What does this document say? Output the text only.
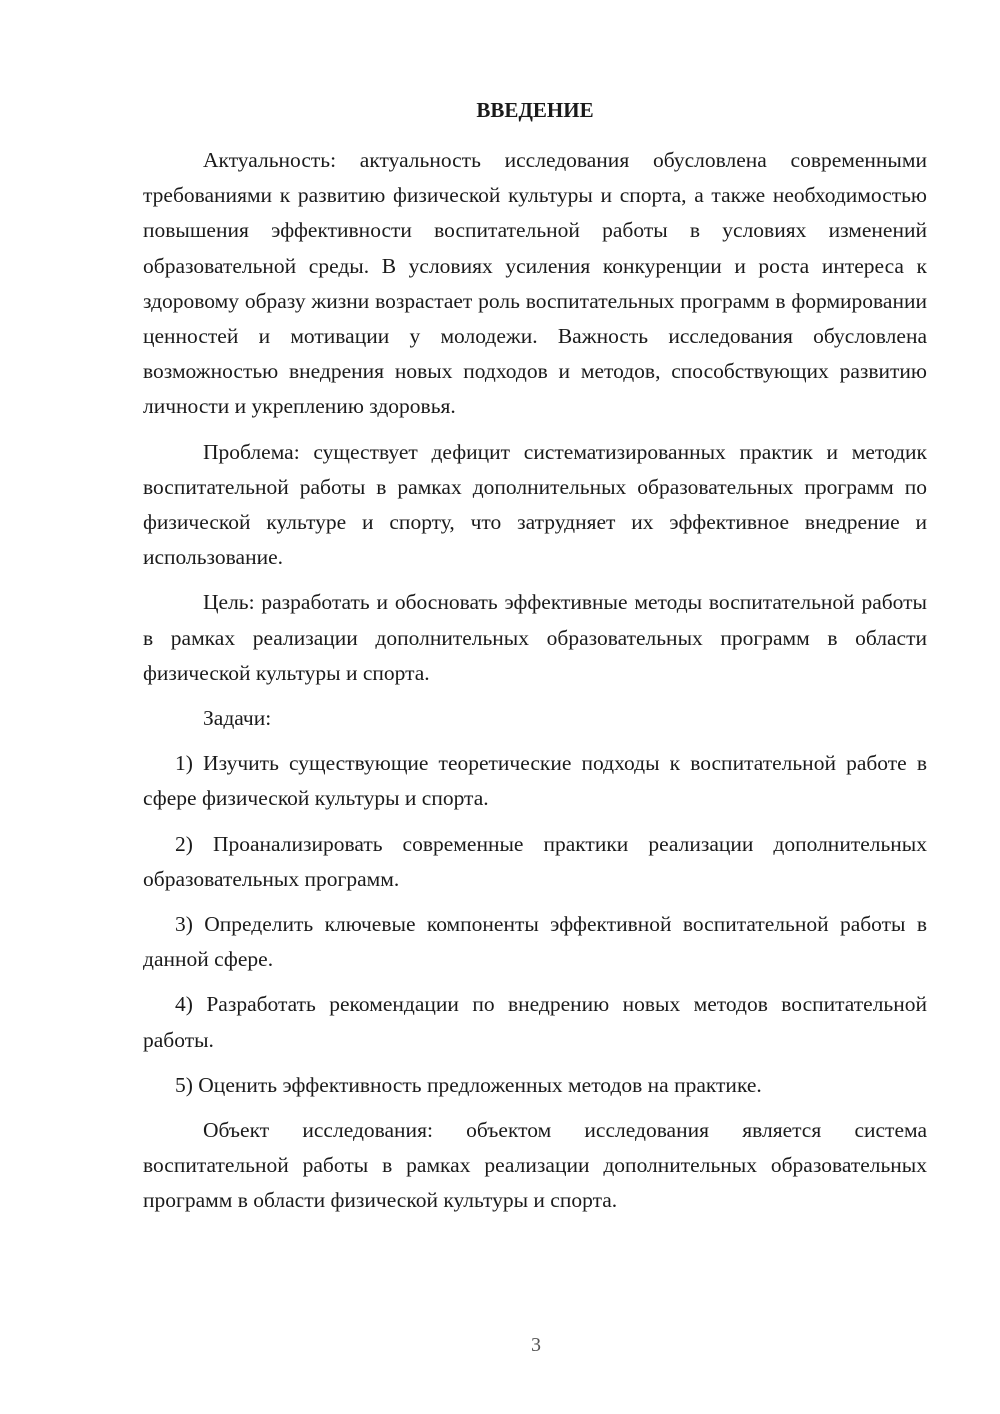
ВВЕДЕНИЕ

Актуальность: актуальность исследования обусловлена современными требованиями к развитию физической культуры и спорта, а также необходимостью повышения эффективности воспитательной работы в условиях изменений образовательной среды. В условиях усиления конкуренции и роста интереса к здоровому образу жизни возрастает роль воспитательных программ в формировании ценностей и мотивации у молодежи. Важность исследования обусловлена возможностью внедрения новых подходов и методов, способствующих развитию личности и укреплению здоровья.

Проблема: существует дефицит систематизированных практик и методик воспитательной работы в рамках дополнительных образовательных программ по физической культуре и спорту, что затрудняет их эффективное внедрение и использование.

Цель: разработать и обосновать эффективные методы воспитательной работы в рамках реализации дополнительных образовательных программ в области физической культуры и спорта.

Задачи:

1) Изучить существующие теоретические подходы к воспитательной работе в сфере физической культуры и спорта.

2) Проанализировать современные практики реализации дополнительных образовательных программ.

3) Определить ключевые компоненты эффективной воспитательной работы в данной сфере.

4) Разработать рекомендации по внедрению новых методов воспитательной работы.

5) Оценить эффективность предложенных методов на практике.

Объект исследования: объектом исследования является система воспитательной работы в рамках реализации дополнительных образовательных программ в области физической культуры и спорта.

3
